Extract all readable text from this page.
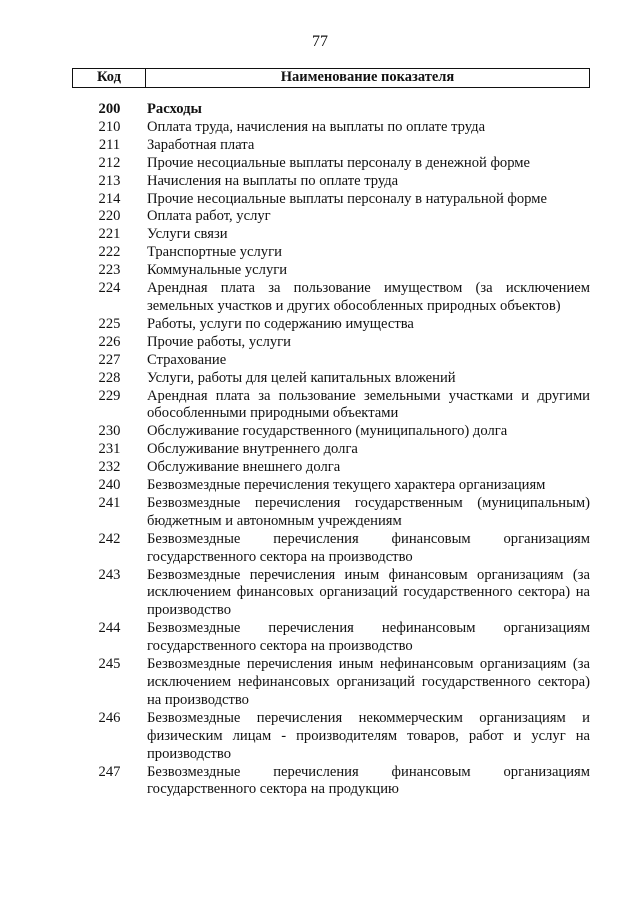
77
Код	Наименование показателя
200	Расходы
210	Оплата труда, начисления на выплаты по оплате труда
211	Заработная плата
212	Прочие несоциальные выплаты персоналу в денежной форме
213	Начисления на выплаты по оплате труда
214	Прочие несоциальные выплаты персоналу в натуральной форме
220	Оплата работ, услуг
221	Услуги связи
222	Транспортные услуги
223	Коммунальные услуги
224	Арендная плата за пользование имуществом (за исключением земельных участков и других обособленных природных объектов)
225	Работы, услуги по содержанию имущества
226	Прочие работы, услуги
227	Страхование
228	Услуги, работы для целей капитальных вложений
229	Арендная плата за пользование земельными участками и другими обособленными природными объектами
230	Обслуживание государственного (муниципального) долга
231	Обслуживание внутреннего долга
232	Обслуживание внешнего долга
240	Безвозмездные перечисления текущего характера организациям
241	Безвозмездные перечисления государственным (муниципальным) бюджетным и автономным учреждениям
242	Безвозмездные перечисления финансовым организациям государственного сектора на производство
243	Безвозмездные перечисления иным финансовым организациям (за исключением финансовых организаций государственного сектора) на производство
244	Безвозмездные перечисления нефинансовым организациям государственного сектора на производство
245	Безвозмездные перечисления иным нефинансовым организациям (за исключением нефинансовых организаций государственного сектора) на производство
246	Безвозмездные перечисления некоммерческим организациям и физическим лицам - производителям товаров, работ и услуг на производство
247	Безвозмездные перечисления финансовым организациям государственного сектора на продукцию
